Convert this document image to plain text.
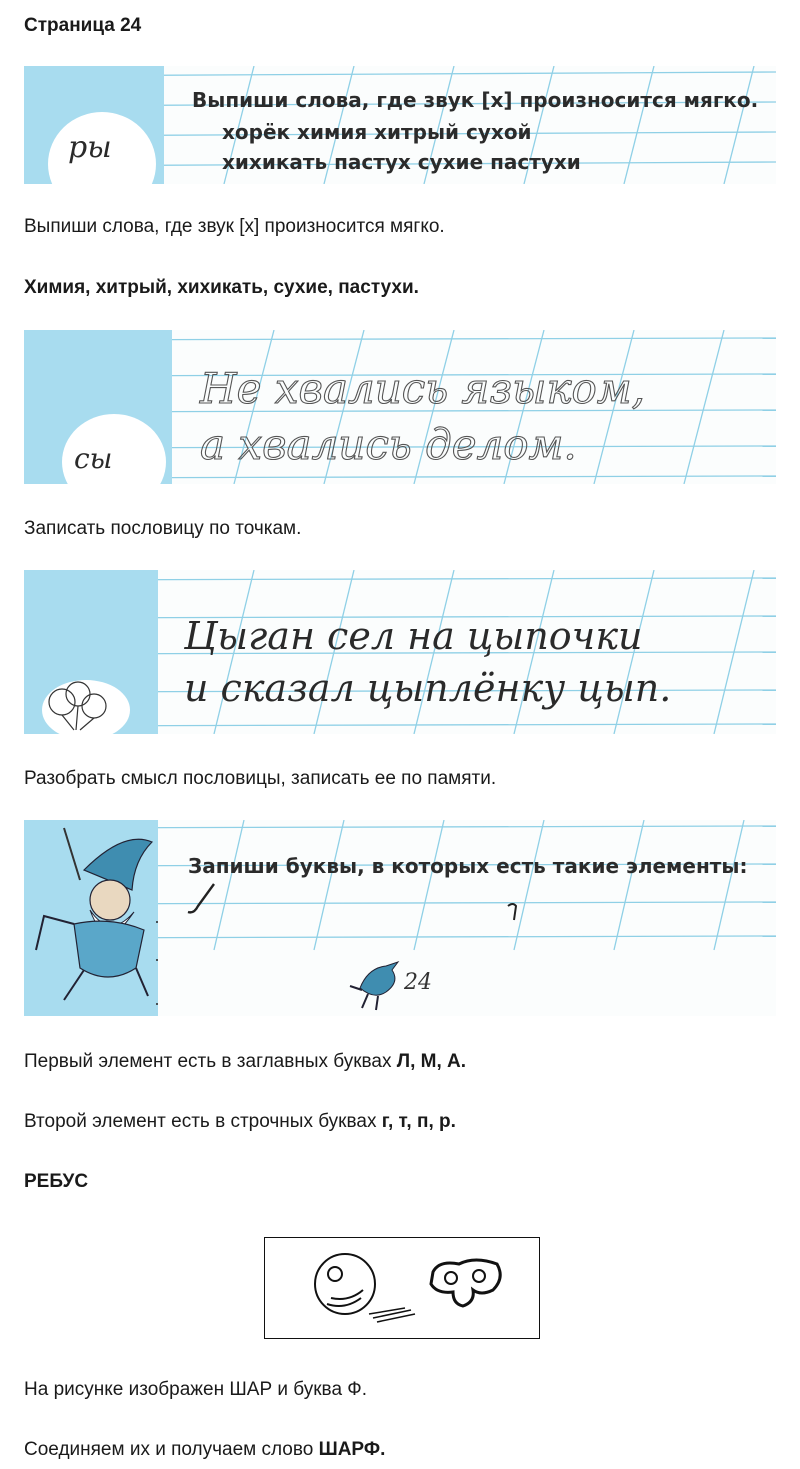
Страница 24
ры
Выпиши слова, где звук [х] произносится мягко.
хорёк химия хитрый сухой
хихикать пастух сухие пастухи
Выпиши слова, где звук [х] произносится мягко.
Химия, хитрый, хихикать, сухие, пастухи.
сы
Не хвались языком,
а хвались делом.
Записать пословицу по точкам.
Цыган сел на цыпочки
и сказал цыплёнку цып.
Разобрать смысл пословицы, записать ее по памяти.
Запиши буквы, в которых есть такие элементы:
24
Первый элемент есть в заглавных буквах Л, М, А.
Второй элемент есть в строчных буквах г, т, п, р.
РЕБУС
На рисунке изображен ШАР и буква Ф.
Соединяем их и получаем слово ШАРФ.
